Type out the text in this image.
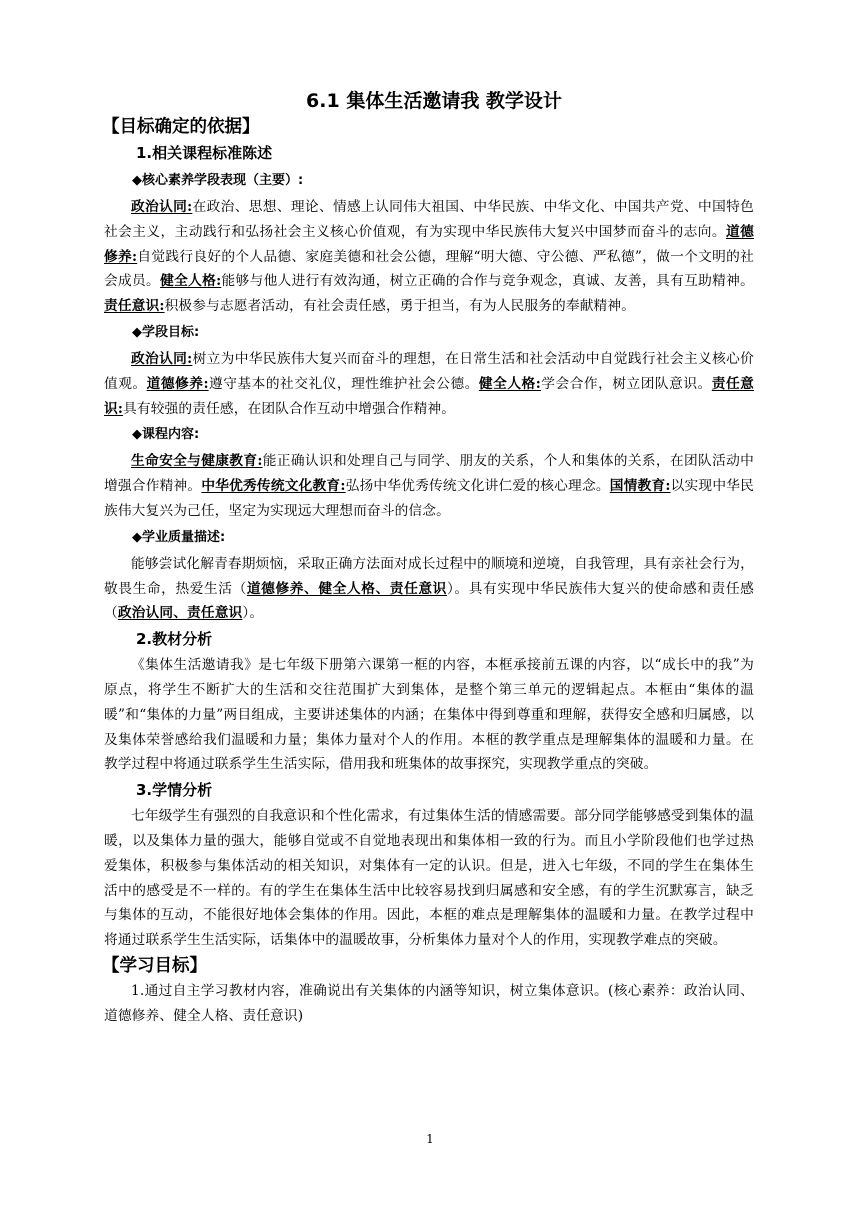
6.1 集体生活邀请我 教学设计
【目标确定的依据】
1.相关课程标准陈述
◆核心素养学段表现（主要）:

政治认同:在政治、思想、理论、情感上认同伟大祖国、中华民族、中华文化、中国共产党、中国特色社会主义，主动践行和弘扬社会主义核心价值观，有为实现中华民族伟大复兴中国梦而奋斗的志向。道德修养:自觉践行良好的个人品德、家庭美德和社会公德，理解“明大德、守公德、严私德”，做一个文明的社会成员。健全人格:能够与他人进行有效沟通，树立正确的合作与竞争观念，真诚、友善，具有互助精神。责任意识:积极参与志愿者活动，有社会责任感，勇于担当，有为人民服务的奉献精神。

◆学段目标:

政治认同:树立为中华民族伟大复兴而奋斗的理想，在日常生活和社会活动中自觉践行社会主义核心价值观。道德修养:遵守基本的社交礼仪，理性维护社会公德。健全人格:学会合作，树立团队意识。责任意识:具有较强的责任感，在团队合作互动中增强合作精神。

◆课程内容:

生命安全与健康教育:能正确认识和处理自己与同学、朋友的关系，个人和集体的关系，在团队活动中增强合作精神。中华优秀传统文化教育:弘扬中华优秀传统文化讲仁爱的核心理念。国情教育:以实现中华民族伟大复兴为己任，坚定为实现远大理想而奋斗的信念。

◆学业质量描述:

能够尝试化解青春期烦恼，采取正确方法面对成长过程中的顺境和逆境，自我管理，具有亲社会行为，敬畏生命，热爱生活（道德修养、健全人格、责任意识）。具有实现中华民族伟大复兴的使命感和责任感（政治认同、责任意识）。

2.教材分析

《集体生活邀请我》是七年级下册第六课第一框的内容，本框承接前五课的内容，以“成长中的我”为原点，将学生不断扩大的生活和交往范围扩大到集体，是整个第三单元的逻辑起点。本框由“集体的温暖”和“集体的力量”两目组成，主要讲述集体的内涵；在集体中得到尊重和理解，获得安全感和归属感，以及集体荣誉感给我们温暖和力量；集体力量对个人的作用。本框的教学重点是理解集体的温暖和力量。在教学过程中将通过联系学生生活实际，借用我和班集体的故事探究，实现教学重点的突破。

3.学情分析

七年级学生有强烈的自我意识和个性化需求，有过集体生活的情感需要。部分同学能够感受到集体的温暖，以及集体力量的强大，能够自觉或不自觉地表现出和集体相一致的行为。而且小学阶段他们也学过热爱集体，积极参与集体活动的相关知识，对集体有一定的认识。但是，进入七年级，不同的学生在集体生活中的感受是不一样的。有的学生在集体生活中比较容易找到归属感和安全感，有的学生沉默寡言，缺乏与集体的互动，不能很好地体会集体的作用。因此，本框的难点是理解集体的温暖和力量。在教学过程中将通过联系学生生活实际，话集体中的温暖故事，分析集体力量对个人的作用，实现教学难点的突破。

【学习目标】

1.通过自主学习教材内容，准确说出有关集体的内涵等知识，树立集体意识。(核心素养：政治认同、道德修养、健全人格、责任意识)

1
